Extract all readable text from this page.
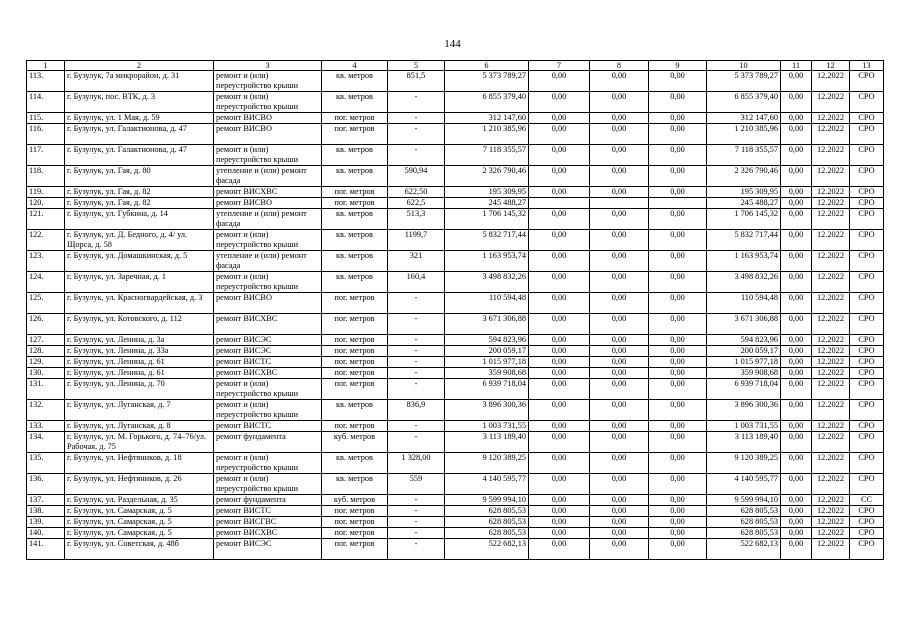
144
1	2	3	4	5	6	7	8	9	10	11	12	13
113.	г. Бузулук, 7а микрорайон, д. 31	ремонт и (или) переустройство крыши	кв. метров	851,5	5 373 789,27	0,00	0,00	0,00	5 373 789,27	0,00	12.2022	СРО
114.	г. Бузулук, пос. ВТК, д. 3	ремонт и (или) переустройство крыши	кв. метров	-	6 855 379,40	0,00	0,00	0,00	6 855 379,40	0,00	12.2022	СРО
115.	г. Бузулук, ул. 1 Мая, д. 59	ремонт ВИСВО	пог. метров	-	312 147,60	0,00	0,00	0,00	312 147,60	0,00	12.2022	СРО
116.	г. Бузулук, ул. Галактионова, д. 47	ремонт ВИСВО	пог. метров	-	1 210 385,96	0,00	0,00	0,00	1 210 385,96	0,00	12.2022	СРО
117.	г. Бузулук, ул. Галактионова, д. 47	ремонт и (или) переустройство крыши	кв. метров	-	7 118 355,57	0,00	0,00	0,00	7 118 355,57	0,00	12.2022	СРО
118.	г. Бузулук, ул. Гая, д. 80	утепление и (или) ремонт фасада	кв. метров	590,94	2 326 790,46	0,00	0,00	0,00	2 326 790,46	0,00	12.2022	СРО
119.	г. Бузулук, ул. Гая, д. 82	ремонт ВИСХВС	пог. метров	622,50	195 309,95	0,00	0,00	0,00	195 309,95	0,00	12.2022	СРО
120.	г. Бузулук, ул. Гая, д. 82	ремонт ВИСВО	пог. метров	622,5	245 488,27				245 488,27	0,00	12.2022	СРО
121.	г. Бузулук, ул. Губкина, д. 14	утепление и (или) ремонт фасада	кв. метров	513,3	1 706 145,32	0,00	0,00	0,00	1 706 145,32	0,00	12.2022	СРО
122.	г. Бузулук, ул. Д. Бедного, д. 4/ ул. Щорса, д. 58	ремонт и (или) переустройство крыши	кв. метров	1199,7	5 832 717,44	0,00	0,00	0,00	5 832 717,44	0,00	12.2022	СРО
123.	г. Бузулук, ул. Домашкинская, д. 5	утепление и (или) ремонт фасада	кв. метров	321	1 163 953,74	0,00	0,00	0,00	1 163 953,74	0,00	12.2022	СРО
124.	г. Бузулук, ул. Заречная, д. 1	ремонт и (или) переустройство крыши	кв. метров	160,4	3 498 832,26	0,00	0,00	0,00	3 498 832,26	0,00	12.2022	СРО
125.	г. Бузулук, ул. Красногвардейская, д. 3	ремонт ВИСВО	пог. метров	-	110 594,48	0,00	0,00	0,00	110 594,48	0,00	12.2022	СРО
126.	г. Бузулук, ул. Котовского, д. 112	ремонт ВИСХВС	пог. метров	-	3 671 306,88	0,00	0,00	0,00	3 671 306,88	0,00	12.2022	СРО
127.	г. Бузулук, ул. Ленина, д. 3а	ремонт ВИСЭС	пог. метров	-	594 823,96	0,00	0,00	0,00	594 823,96	0,00	12.2022	СРО
128.	г. Бузулук, ул. Ленина, д. 33а	ремонт ВИСЭС	пог. метров	-	200 059,17	0,00	0,00	0,00	200 059,17	0,00	12.2022	СРО
129.	г. Бузулук, ул. Ленина, д. 61	ремонт ВИСТС	пог. метров	-	1 015 977,18	0,00	0,00	0,00	1 015 977,18	0,00	12.2022	СРО
130.	г. Бузулук, ул. Ленина, д. 61	ремонт ВИСХВС	пог. метров	-	359 908,68	0,00	0,00	0,00	359 908,68	0,00	12.2022	СРО
131.	г. Бузулук, ул. Ленина, д. 70	ремонт и (или) переустройство крыши	пог. метров	-	6 939 718,04	0,00	0,00	0,00	6 939 718,04	0,00	12.2022	СРО
132.	г. Бузулук, ул. Луганская, д. 7	ремонт и (или) переустройство крыши	кв. метров	836,9	3 896 300,36	0,00	0,00	0,00	3 896 300,36	0,00	12.2022	СРО
133.	г. Бузулук, ул. Луганская, д. 8	ремонт ВИСТС	пог. метров	-	1 003 731,55	0,00	0,00	0,00	1 003 731,55	0,00	12.2022	СРО
134.	г. Бузулук, ул. М. Горького, д. 74–76/ул. Рабочая, д. 75	ремонт фундамента	куб. метров	-	3 113 189,40	0,00	0,00	0,00	3 113 189,40	0,00	12.2022	СРО
135.	г. Бузулук, ул. Нефтяников, д. 18	ремонт и (или) переустройство крыши	кв. метров	1 328,00	9 120 389,25	0,00	0,00	0,00	9 120 389,25	0,00	12.2022	СРО
136.	г. Бузулук, ул. Нефтяников, д. 26	ремонт и (или) переустройство крыши	кв. метров	559	4 140 595,77	0,00	0,00	0,00	4 140 595,77	0,00	12.2022	СРО
137.	г. Бузулук, ул. Раздельная, д. 35	ремонт фундамента	куб. метров	-	9 599 994,10	0,00	0,00	0,00	9 599 994,10	0,00	12.2022	СС
138.	г. Бузулук, ул. Самарская, д. 5	ремонт ВИСТС	пог. метров	-	628 805,53	0,00	0,00	0,00	628 805,53	0,00	12.2022	СРО
139.	г. Бузулук, ул. Самарская, д. 5	ремонт ВИСГВС	пог. метров	-	628 805,53	0,00	0,00	0,00	628 805,53	0,00	12.2022	СРО
140.	г. Бузулук, ул. Самарская, д. 5	ремонт ВИСХВС	пог. метров	-	628 805,53	0,00	0,00	0,00	628 805,53	0,00	12.2022	СРО
141.	г. Бузулук, ул. Советская, д. 48б	ремонт ВИСЭС	пог. метров	-	522 682,13	0,00	0,00	0,00	522 682,13	0,00	12.2022	СРО
